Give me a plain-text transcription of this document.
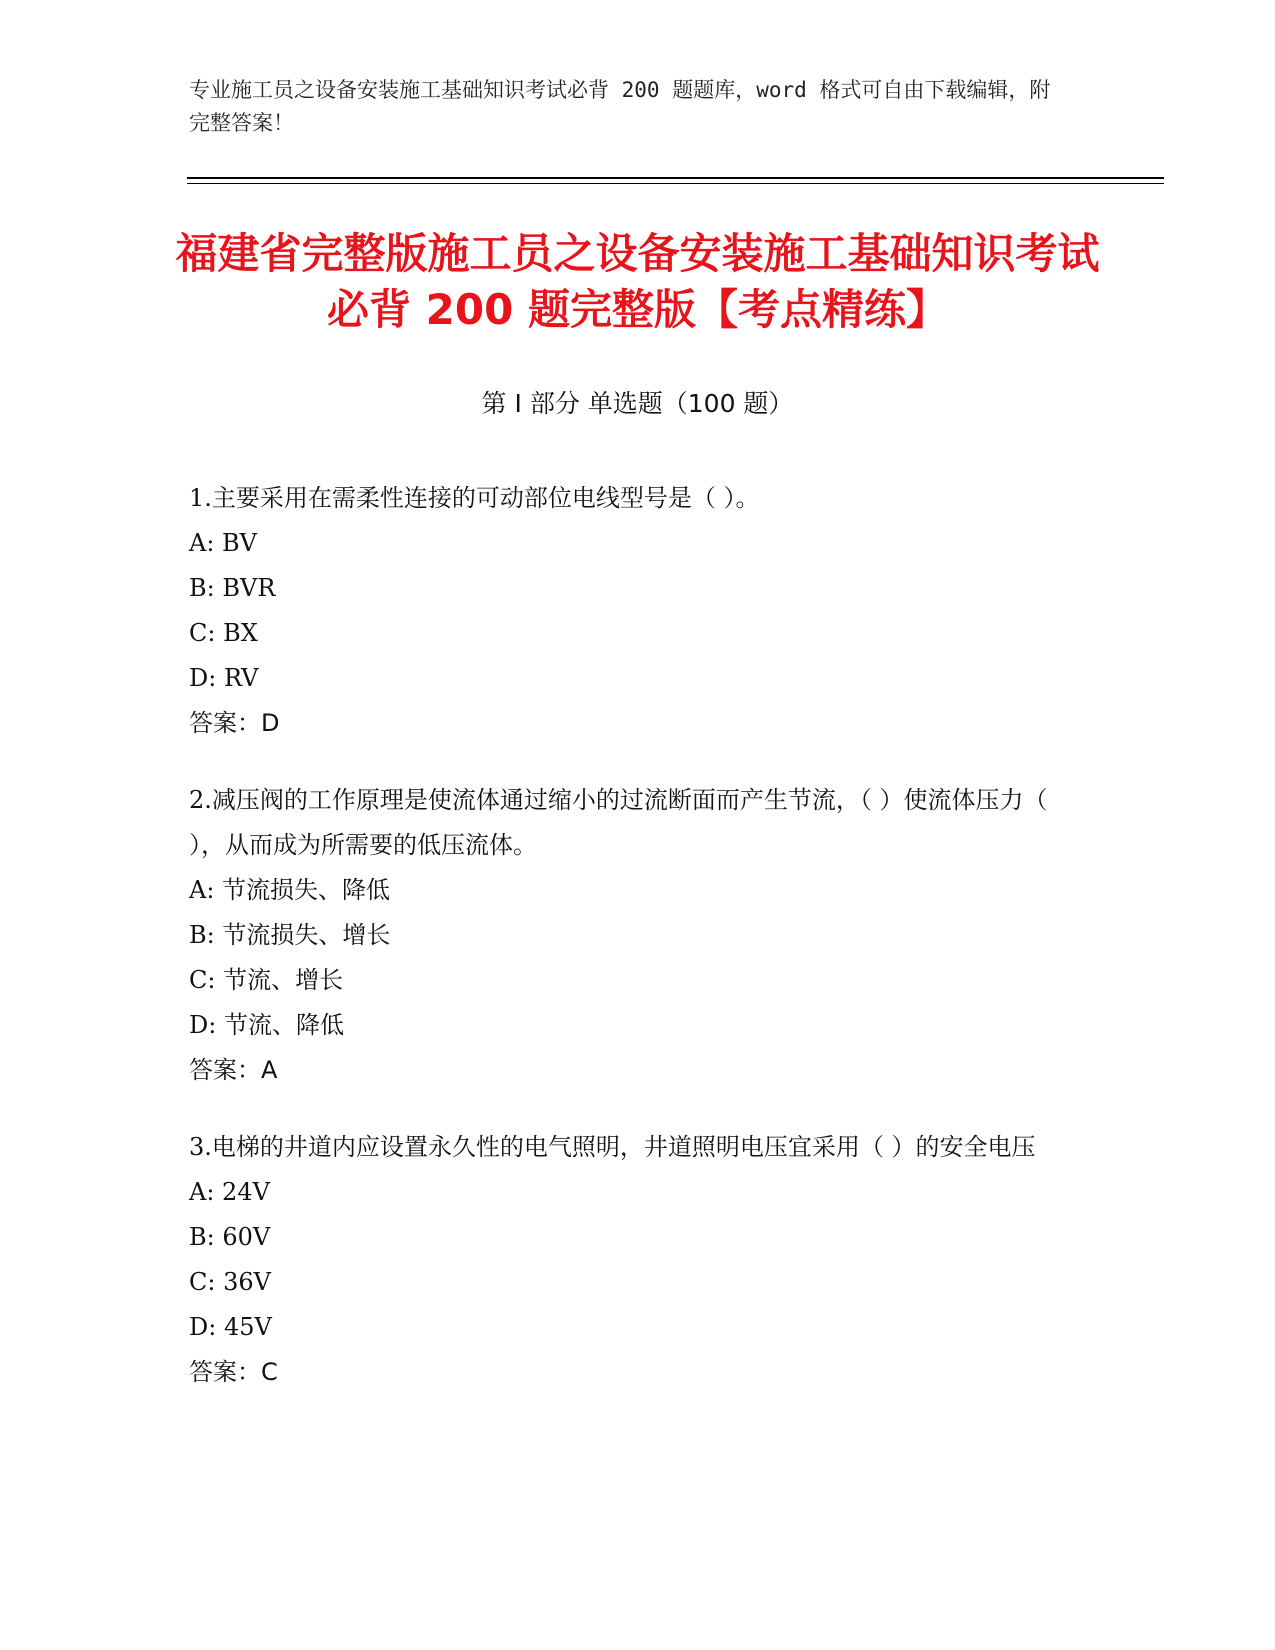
专业施工员之设备安装施工基础知识考试必背 200 题题库，word 格式可自由下载编辑，附完整答案！
福建省完整版施工员之设备安装施工基础知识考试必背 200 题完整版【考点精练】
第 I 部分 单选题（100 题）

1.主要采用在需柔性连接的可动部位电线型号是（ ）。

A: BV

B: BVR

C: BX

D: RV

答案：D

2.减压阀的工作原理是使流体通过缩小的过流断面而产生节流，（ ）使流体压力（ ），从而成为所需要的低压流体。

A: 节流损失、降低

B: 节流损失、增长

C: 节流、增长

D: 节流、降低

答案：A

3.电梯的井道内应设置永久性的电气照明，井道照明电压宜采用（ ）的安全电压

A: 24V

B: 60V

C: 36V

D: 45V

答案：C
